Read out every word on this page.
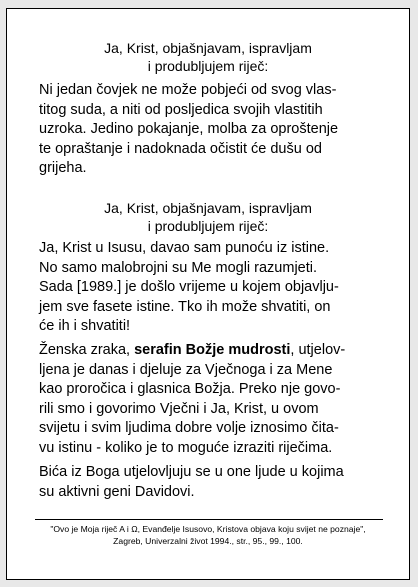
Ja, Krist, objašnjavam, ispravljam
i produbljujem riječ:
Ni jedan čovjek ne može pobjeći od svog vlas-
titog suda, a niti od posljedica svojih vlastitih
uzroka. Jedino pokajanje, molba za oproštenje
te opraštanje i nadoknada očistit će dušu od
grijeha.
Ja, Krist, objašnjavam, ispravljam
i produbljujem riječ:
Ja, Krist u Isusu, davao sam punoću iz istine.
No samo malobrojni su Me mogli razumjeti.
Sada [1989.] je došlo vrijeme u kojem objavlju-
jem sve fasete istine. Tko ih može shvatiti, on
će ih i shvatiti!
Ženska zraka, serafin Božje mudrosti, utjelov-
ljena je danas i djeluje za Vječnoga i za Mene
kao proročica i glasnica Božja. Preko nje govo-
rili smo i govorimo Vječni i Ja, Krist, u ovom
svijetu i svim ljudima dobre volje iznosimo čita-
vu istinu - koliko je to moguće izraziti riječima.
Bića iz Boga utjelovljuju se u one ljude u kojima
su aktivni geni Davidovi.
"Ovo je Moja riječ A i Ω, Evanđelje Isusovo, Kristova objava koju svijet ne poznaje",
Zagreb, Univerzalni život 1994., str., 95., 99., 100.
